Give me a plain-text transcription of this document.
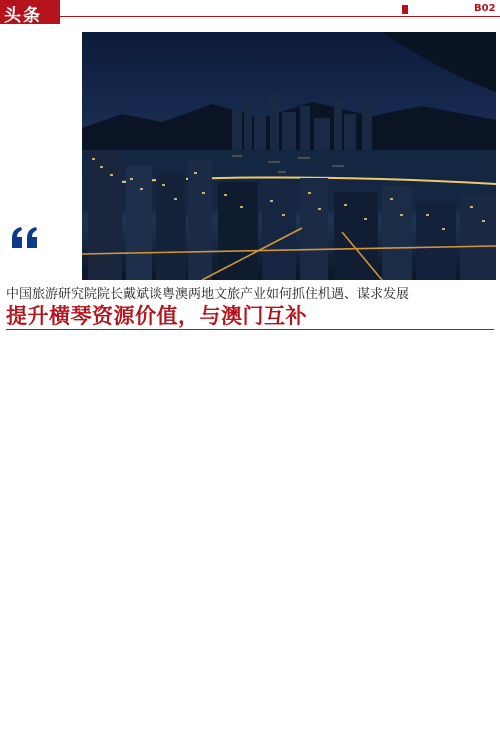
头条	B02
中国旅游研究院院长戴斌谈粤澳两地文旅产业如何抓住机遇、谋求发展
提升横琴资源价值，与澳门互补
